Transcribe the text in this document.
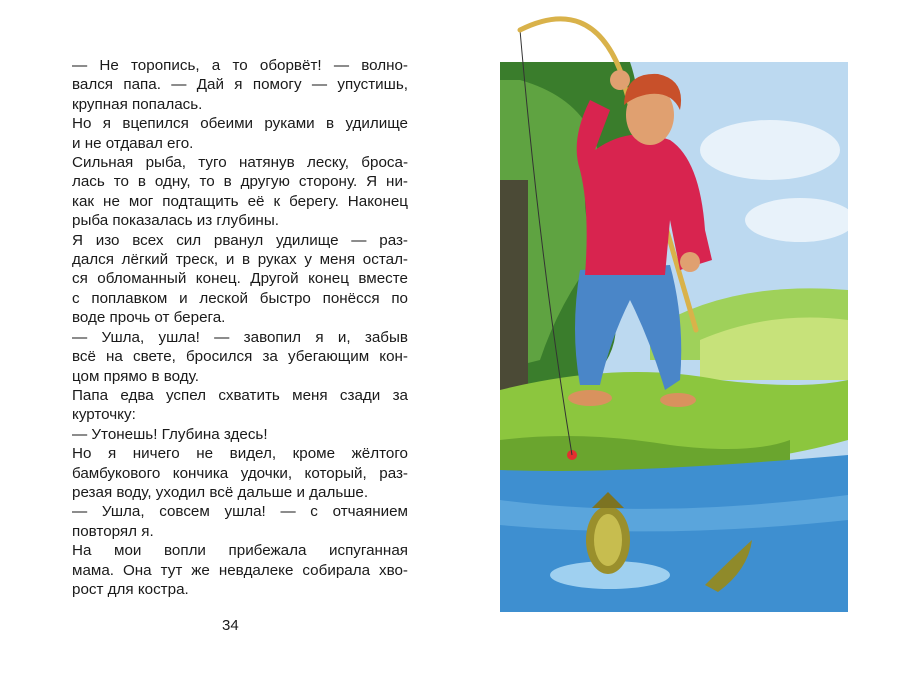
— Не торопись, а то оборвёт! — волно-
вался папа. — Дай я помогу — упустишь,
крупная попалась.

Но я вцепился обеими руками в удилище
и не отдавал его.

Сильная рыба, туго натянув леску, броса-
лась то в одну, то в другую сторону. Я ни-
как не мог подтащить её к берегу. Наконец
рыба показалась из глубины.

Я изо всех сил рванул удилище — раз-
дался лёгкий треск, и в руках у меня остал-
ся обломанный конец. Другой конец вместе
с поплавком и леской быстро понёсся по
воде прочь от берега.

— Ушла, ушла! — завопил я и, забыв
всё на свете, бросился за убегающим кон-
цом прямо в воду.

Папа едва успел схватить меня сзади за
курточку:

— Утонешь! Глубина здесь!

Но я ничего не видел, кроме жёлтого
бамбукового кончика удочки, который, раз-
резая воду, уходил всё дальше и дальше.

— Ушла, совсем ушла! — с отчаянием
повторял я.

На мои вопли прибежала испуганная
мама. Она тут же невдалеке собирала хво-
рост для костра.

34
